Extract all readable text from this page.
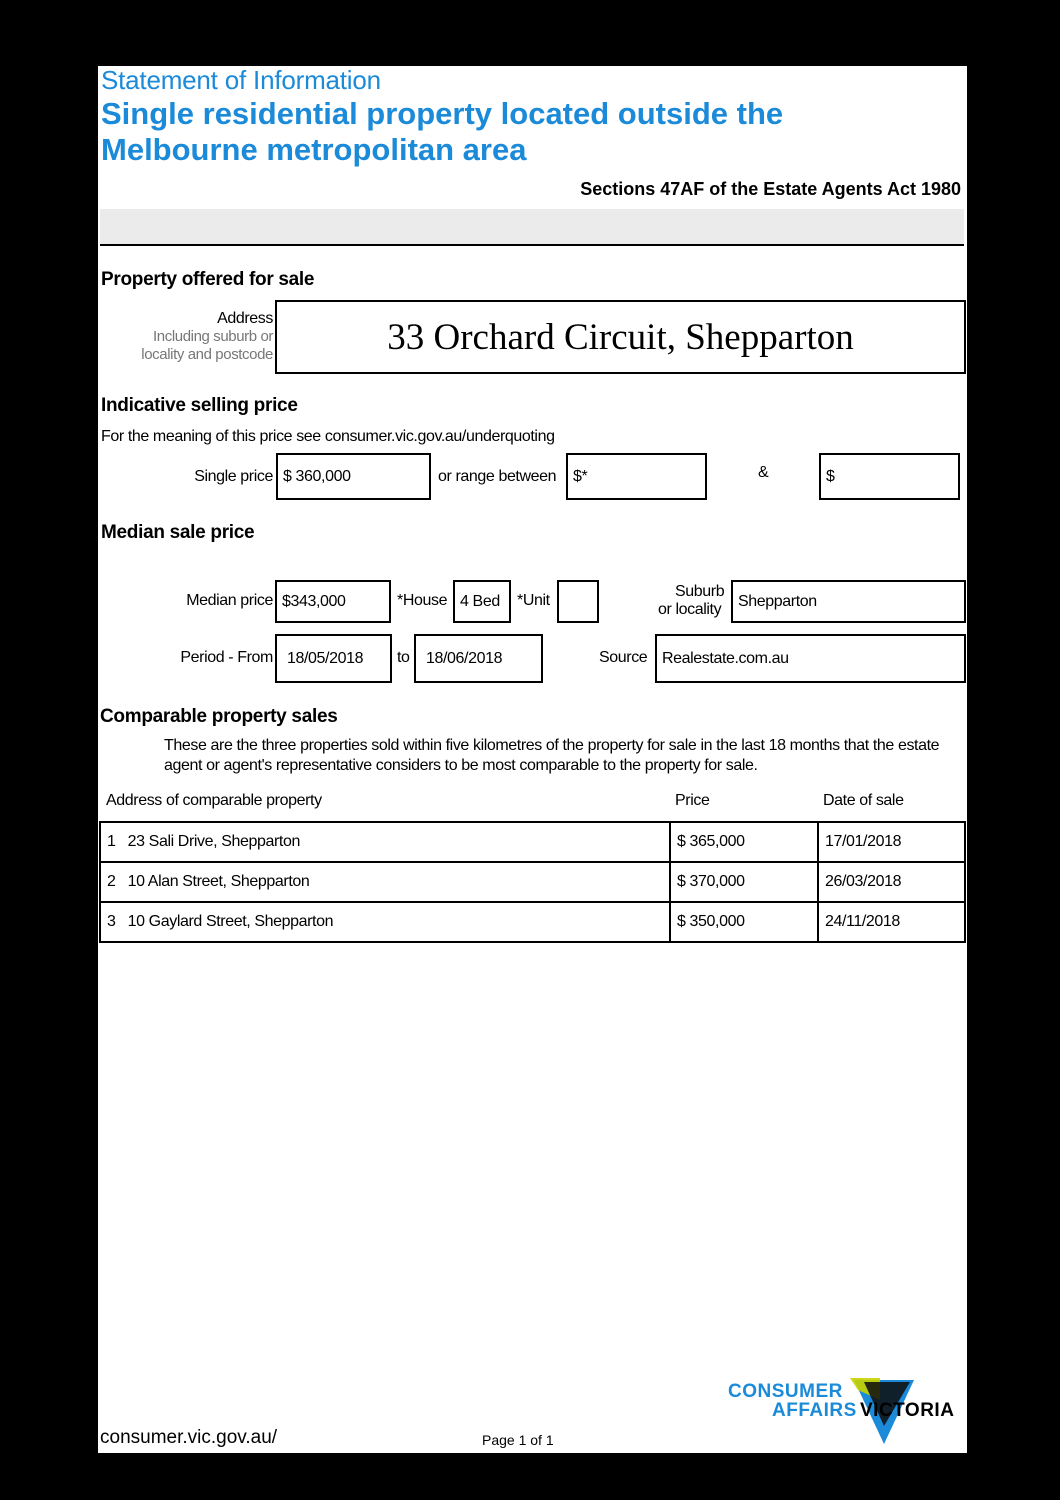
Statement of Information
Single residential property located outside the Melbourne metropolitan area
Sections 47AF of the Estate Agents Act 1980
Property offered for sale
Address
Including suburb or
locality and postcode	33 Orchard Circuit, Shepparton
Indicative selling price
For the meaning of this price see consumer.vic.gov.au/underquoting
Single price $ 360,000	or range between	$*	&	$
Median sale price
Median price $343,000	*House 4 Bed	*Unit
Suburb
or locality	Shepparton
Period - From 18/05/2018	to	18/06/2018	Source Realestate.com.au
Comparable property sales
These are the three properties sold within five kilometres of the property for sale in the last 18 months that the estate agent or agent's representative considers to be most comparable to the property for sale.
Address of comparable property	Price	Date of sale
1 23 Sali Drive, Shepparton	$ 365,000	17/01/2018
2 10 Alan Street, Shepparton	$ 370,000	26/03/2018
3 10 Gaylard Street, Shepparton	$ 350,000	24/11/2018
consumer.vic.gov.au/	Page 1 of 1
CONSUMER
AFFAIRS VICTORIA
